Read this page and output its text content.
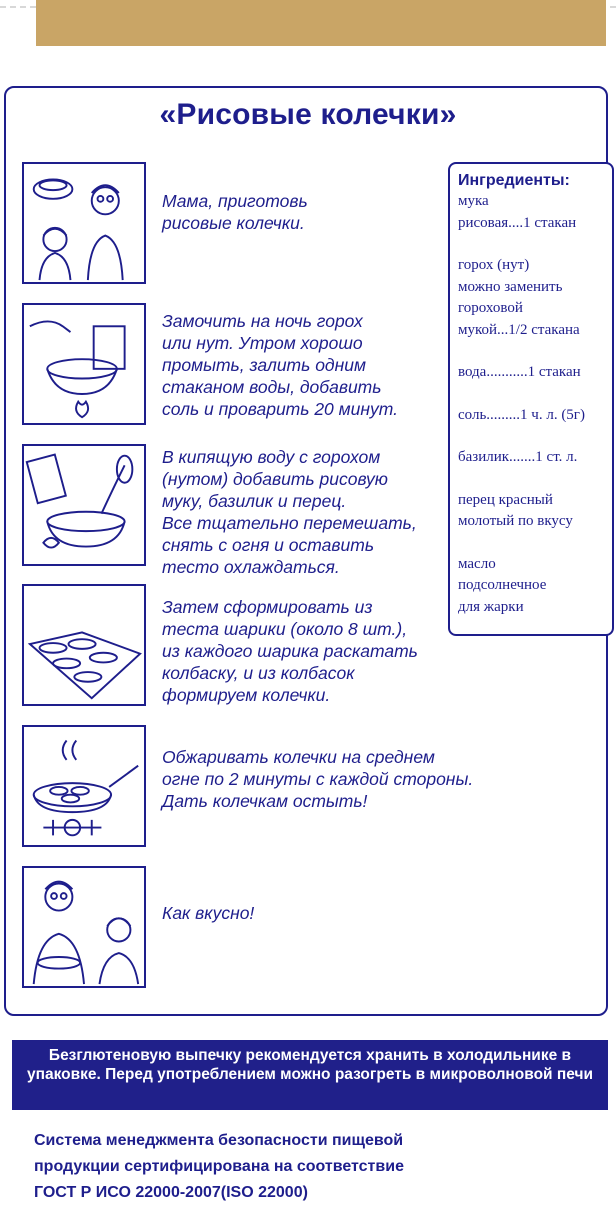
«Рисовые колечки»
Мама, приготовь
рисовые колечки.
Замочить на ночь горох
или нут. Утром хорошо
промыть, залить одним
стаканом воды, добавить
соль и проварить 20 минут.
В кипящую воду с горохом
(нутом) добавить рисовую
муку, базилик и перец.
Все тщательно перемешать,
снять с огня и оставить
тесто охлаждаться.
Затем сформировать из
теста шарики (около 8 шт.),
из каждого шарика раскатать
колбаску, и из колбасок
формируем колечки.
Обжаривать колечки на среднем
огне по 2 минуты с каждой стороны.
Дать колечкам остыть!
Как вкусно!
Ингредиенты:
мука
рисовая....1 стакан
горох (нут)
можно заменить
гороховой
мукой...1/2 стакана
вода...........1 стакан
соль.........1 ч. л. (5г)
базилик.......1 ст. л.
перец красный
молотый по вкусу
масло
подсолнечное
для жарки
Безглютеновую выпечку рекомендуется хранить в холодильнике в упаковке. Перед употреблением можно разогреть в микроволновой печи
Система менеджмента безопасности пищевой
продукции сертифицирована на соответствие
ГОСТ Р ИСО 22000-2007(ISO 22000)
